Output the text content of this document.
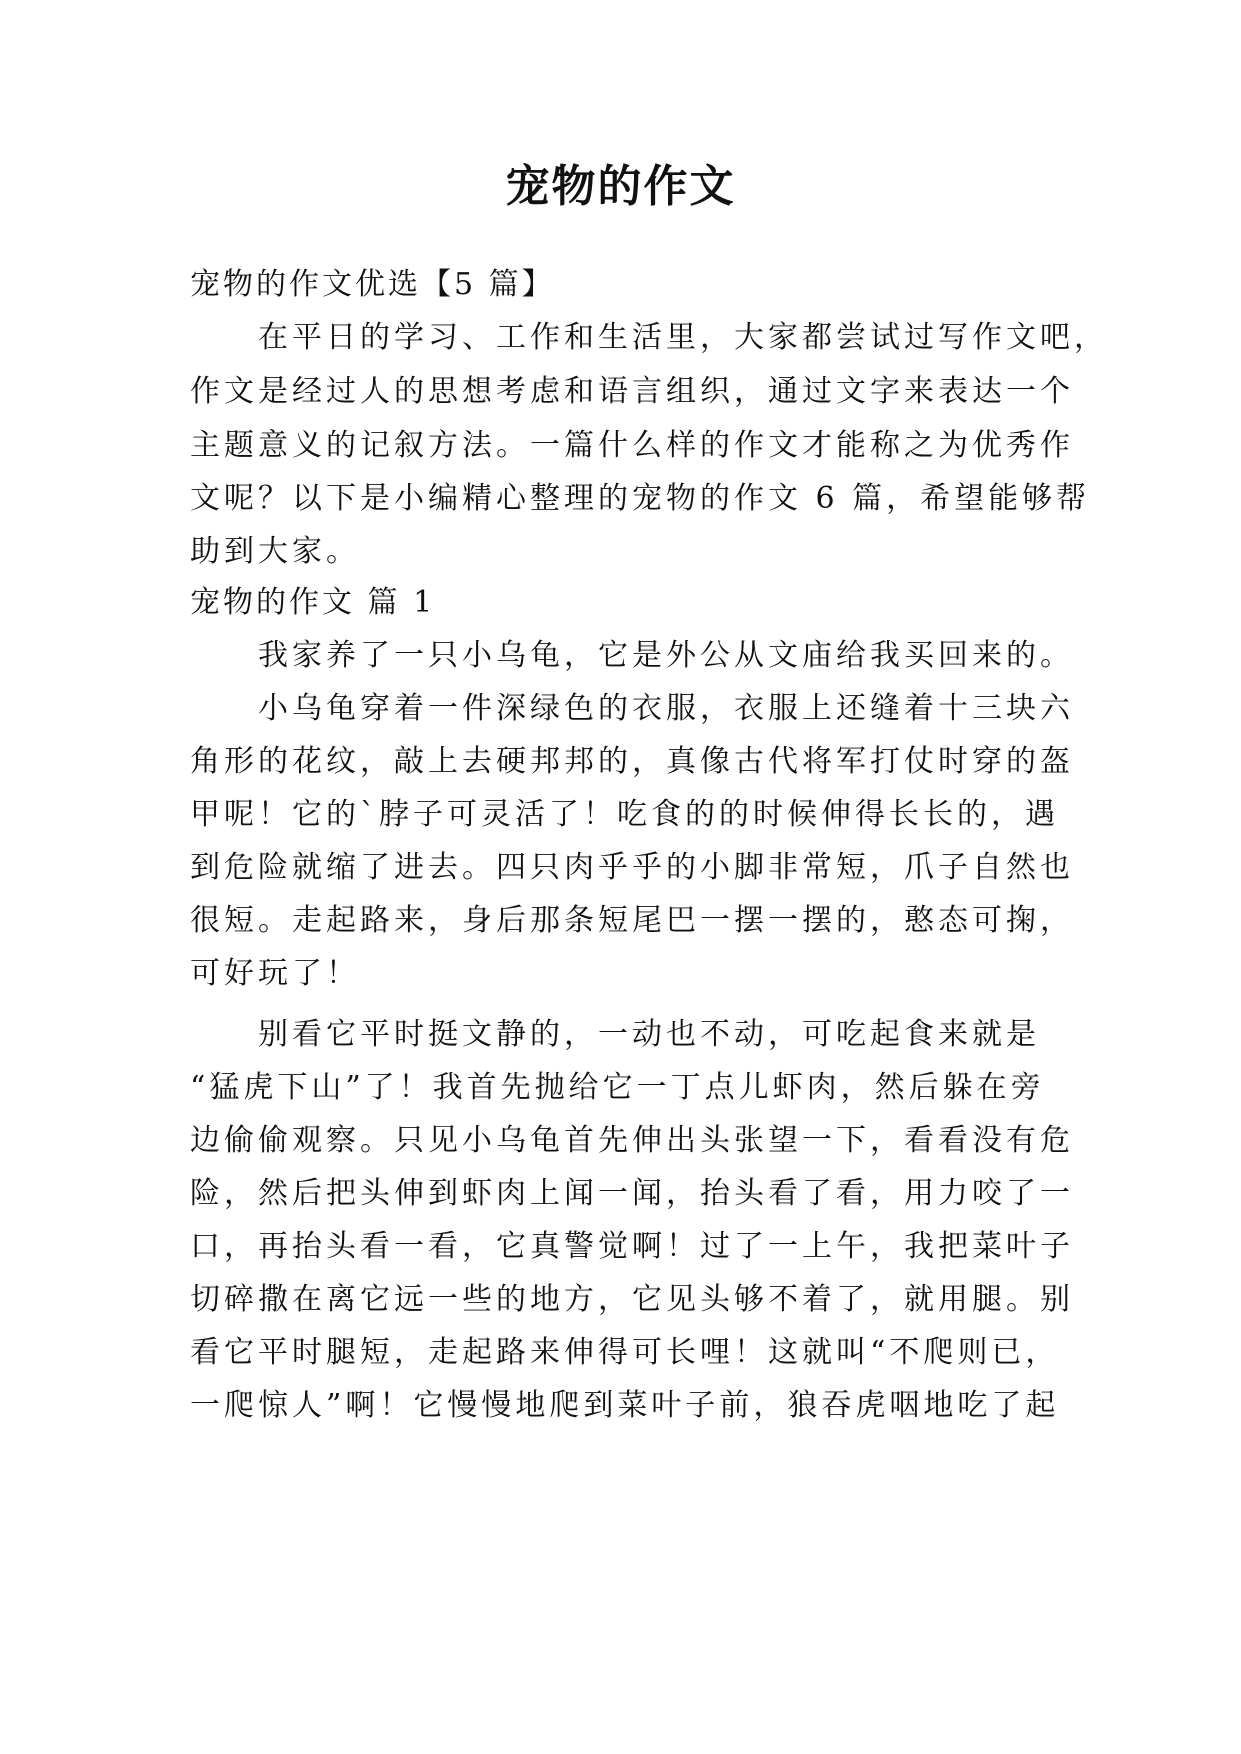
宠物的作文

宠物的作文优选【5 篇】

在平日的学习、工作和生活里，大家都尝试过写作文吧，

作文是经过人的思想考虑和语言组织，通过文字来表达一个

主题意义的记叙方法。一篇什么样的作文才能称之为优秀作

文呢？以下是小编精心整理的宠物的作文 6 篇，希望能够帮

助到大家。

宠物的作文 篇 1

我家养了一只小乌龟，它是外公从文庙给我买回来的。

小乌龟穿着一件深绿色的衣服，衣服上还缝着十三块六

角形的花纹，敲上去硬邦邦的，真像古代将军打仗时穿的盔

甲呢！它的`脖子可灵活了！吃食的的时候伸得长长的，遇

到危险就缩了进去。四只肉乎乎的小脚非常短，爪子自然也

很短。走起路来，身后那条短尾巴一摆一摆的，憨态可掬，

可好玩了！

别看它平时挺文静的，一动也不动，可吃起食来就是

“猛虎下山”了！我首先抛给它一丁点儿虾肉，然后躲在旁

边偷偷观察。只见小乌龟首先伸出头张望一下，看看没有危

险，然后把头伸到虾肉上闻一闻，抬头看了看，用力咬了一

口，再抬头看一看，它真警觉啊！过了一上午，我把菜叶子

切碎撒在离它远一些的地方，它见头够不着了，就用腿。别

看它平时腿短，走起路来伸得可长哩！这就叫“不爬则已，

一爬惊人”啊！它慢慢地爬到菜叶子前，狼吞虎咽地吃了起
